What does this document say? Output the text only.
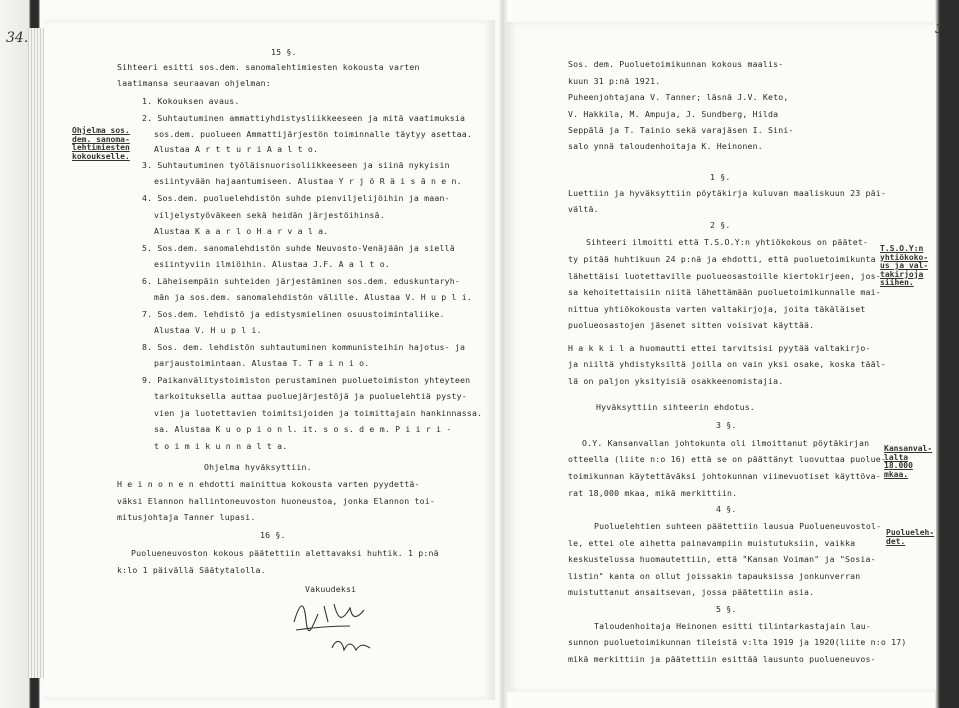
34.
37
15 §.
Ohjelma sos.
dem. sanoma-
lehtimiesten
kokoukselle.
Sihteeri esitti sos.dem. sanomalehtimiesten kokousta varten
laatimansa seuraavan ohjelman:
1. Kokouksen avaus.
2. Suhtautuminen ammattiyhdistysliikkeeseen ja mitä vaatimuksia
sos.dem. puolueen Ammattijärjestön toiminnalle täytyy asettaa.
Alustaa A r t t u r i A a l t o.
3. Suhtautuminen työläisnuorisoliikkeeseen ja siinä nykyisin
esiintyvään hajaantumiseen. Alustaa Y r j ö R ä i s ä n e n.
4. Sos.dem. puoluelehdistön suhde pienviljelijöihin ja maan-
viljelystyöväkeen sekä heidän järjestöihinsä.
Alustaa K a a r l o H a r v a l a.
5. Sos.dem. sanomalehdistön suhde Neuvosto-Venäjään ja siellä
esiintyviin ilmiöihin. Alustaa J.F. A a l t o.
6. Läheisempäin suhteiden järjestäminen sos.dem. eduskuntaryh-
män ja sos.dem. sanomalehdistön välille. Alustaa V. H u p l i.
7. Sos.dem. lehdistö ja edistysmielinen osuustoimintaliike.
Alustaa V. H u p l i.
8. Sos. dem. lehdistön suhtautuminen kommunisteihin hajotus- ja
parjaustoimintaan. Alustaa T. T a i n i o.
9. Paikanvälitystoimiston perustaminen puoluetoimiston yhteyteen
tarkoituksella auttaa puoluejärjestöjä ja puoluelehtiä pysty-
vien ja luotettavien toimitsijoiden ja toimittajain hankinnassa.
sa. Alustaa K u o p i o n l. it. s o s. d e m. P i i r i -
t o i m i k u n n a l t a.
Ohjelma hyväksyttiin.
H e i n o n e n ehdotti mainittua kokousta varten pyydettä-
väksi Elannon hallintoneuvoston huoneustoa, jonka Elannon toi-
mitusjohtaja Tanner lupasi.
16 §.
Puolueneuvoston kokous päätettiin alettavaksi huhtik. 1 p:nä
k:lo 1 päivällä Säätytalolla.
Vakuudeksi
Sos. dem. Puoluetoimikunnan kokous maalis-
kuun 31 p:nä 1921.
Puheenjohtajana V. Tanner; läsnä J.V. Keto,
V. Hakkila, M. Ampuja, J. Sundberg, Hilda
Seppälä ja T. Tainio sekä varajäsen I. Sini-
salo ynnä taloudenhoitaja K. Heinonen.
1 §.
Luettiin ja hyväksyttiin pöytäkirja kuluvan maaliskuun 23 päi-
vältä.
2 §.
Sihteeri ilmoitti että T.S.O.Y:n yhtiökokous on päätet-
ty pitää huhtikuun 24 p:nä ja ehdotti, että puoluetoimikunta
lähettäisi luotettaville puolueosastoille kiertokirjeen, jos-
sa kehoitettaisiin niitä lähettämään puoluetoimikunnalle mai-
nittua yhtiökokousta varten valtakirjoja, joita täkäläiset
puolueosastojen jäsenet sitten voisivat käyttää.
H a k k i l a huomautti ettei tarvitsisi pyytää valtakirjo-
ja niiltä yhdistyksiltä joilla on vain yksi osake, koska tääl-
lä on paljon yksityisiä osakkeenomistajia.
Hyväksyttiin sihteerin ehdotus.
3 §.
O.Y. Kansanvallan johtokunta oli ilmoittanut pöytäkirjan
otteella (liite n:o 16) että se on päättänyt luovuttaa puolue-
toimikunnan käytettäväksi johtokunnan viimevuotiset käyttöva-
rat 18,000 mkaa, mikä merkittiin.
4 §.
Puoluelehtien suhteen päätettiin lausua Puolueneuvostol-
le, ettei ole aihetta painavampiin muistutuksiin, vaikka
keskustelussa huomautettiin, että "Kansan Voiman" ja "Sosia-
listin" kanta on ollut joissakin tapauksissa jonkunverran
muistuttanut ansaitsevan, jossa päätettiin asia.
5 §.
Taloudenhoitaja Heinonen esitti tilintarkastajain lau-
sunnon puoluetoimikunnan tileistä v:lta 1919 ja 1920(liite n:o 17)
mikä merkittiin ja päätettiin esittää lausunto puolueneuvos-
T.S.O.Y:n
yhtiökoko-
us ja val-
takirjoja
siihen.
Kansanval-
lalta
18.000
mkaa.
Puolueleh-
det.
